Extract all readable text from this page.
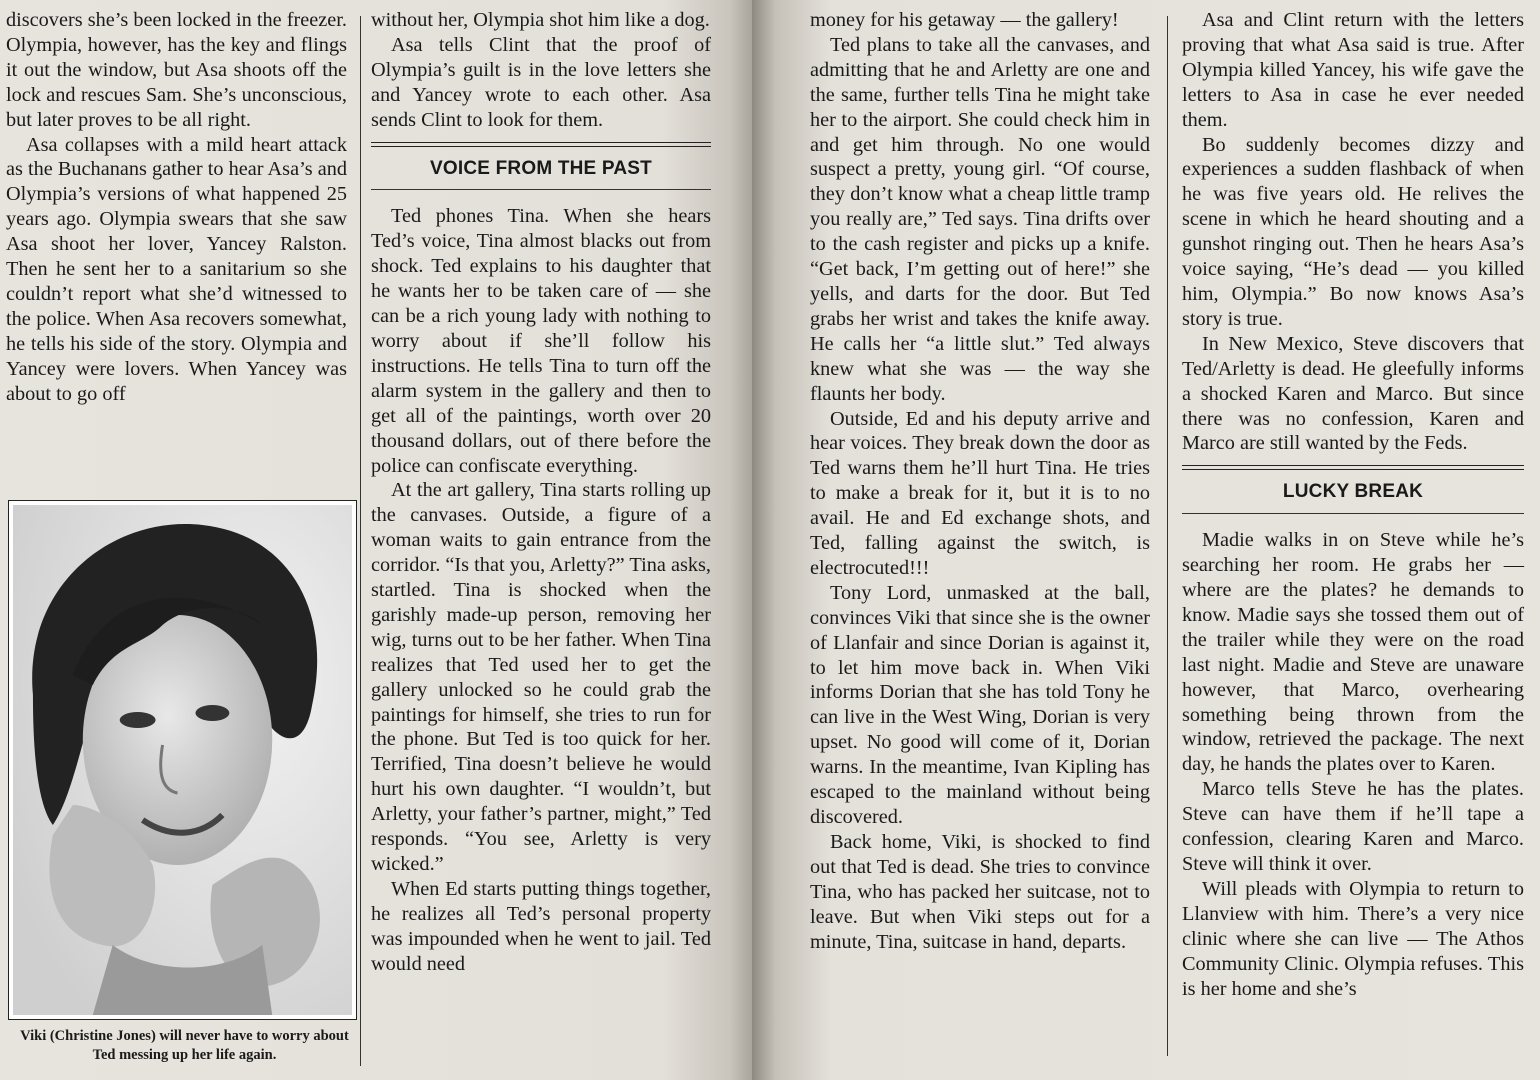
discovers she’s been locked in the freezer. Olympia, however, has the key and flings it out the window, but Asa shoots off the lock and rescues Sam. She’s unconscious, but later proves to be all right.

Asa collapses with a mild heart attack as the Buchanans gather to hear Asa’s and Olympia’s versions of what happened 25 years ago. Olympia swears that she saw Asa shoot her lover, Yancey Ralston. Then he sent her to a sanitarium so she couldn’t report what she’d witnessed to the police. When Asa recovers somewhat, he tells his side of the story. Olympia and Yancey were lovers. When Yancey was about to go off

Viki (Christine Jones) will never have to worry about Ted messing up her life again.

without her, Olympia shot him like a dog.

Asa tells Clint that the proof of Olympia’s guilt is in the love letters she and Yancey wrote to each other. Asa sends Clint to look for them.

VOICE FROM THE PAST

Ted phones Tina. When she hears Ted’s voice, Tina almost blacks out from shock. Ted explains to his daughter that he wants her to be taken care of — she can be a rich young lady with nothing to worry about if she’ll follow his instructions. He tells Tina to turn off the alarm system in the gallery and then to get all of the paintings, worth over 20 thousand dollars, out of there before the police can confiscate everything.

At the art gallery, Tina starts rolling up the canvases. Outside, a figure of a woman waits to gain entrance from the corridor. “Is that you, Arletty?” Tina asks, startled. Tina is shocked when the garishly made-up person, removing her wig, turns out to be her father. When Tina realizes that Ted used her to get the gallery unlocked so he could grab the paintings for himself, she tries to run for the phone. But Ted is too quick for her. Terrified, Tina doesn’t believe he would hurt his own daughter. “I wouldn’t, but Arletty, your father’s partner, might,” Ted responds. “You see, Arletty is very wicked.”

When Ed starts putting things together, he realizes all Ted’s personal property was impounded when he went to jail. Ted would need

money for his getaway — the gallery!

Ted plans to take all the canvases, and admitting that he and Arletty are one and the same, further tells Tina he might take her to the airport. She could check him in and get him through. No one would suspect a pretty, young girl. “Of course, they don’t know what a cheap little tramp you really are,” Ted says. Tina drifts over to the cash register and picks up a knife. “Get back, I’m getting out of here!” she yells, and darts for the door. But Ted grabs her wrist and takes the knife away. He calls her “a little slut.” Ted always knew what she was — the way she flaunts her body.

Outside, Ed and his deputy arrive and hear voices. They break down the door as Ted warns them he’ll hurt Tina. He tries to make a break for it, but it is to no avail. He and Ed exchange shots, and Ted, falling against the switch, is electrocuted!!!

Tony Lord, unmasked at the ball, convinces Viki that since she is the owner of Llanfair and since Dorian is against it, to let him move back in. When Viki informs Dorian that she has told Tony he can live in the West Wing, Dorian is very upset. No good will come of it, Dorian warns. In the meantime, Ivan Kipling has escaped to the mainland without being discovered.

Back home, Viki, is shocked to find out that Ted is dead. She tries to convince Tina, who has packed her suitcase, not to leave. But when Viki steps out for a minute, Tina, suitcase in hand, departs.

Asa and Clint return with the letters proving that what Asa said is true. After Olympia killed Yancey, his wife gave the letters to Asa in case he ever needed them.

Bo suddenly becomes dizzy and experiences a sudden flashback of when he was five years old. He relives the scene in which he heard shouting and a gunshot ringing out. Then he hears Asa’s voice saying, “He’s dead — you killed him, Olympia.” Bo now knows Asa’s story is true.

In New Mexico, Steve discovers that Ted/Arletty is dead. He gleefully informs a shocked Karen and Marco. But since there was no confession, Karen and Marco are still wanted by the Feds.

LUCKY BREAK

Madie walks in on Steve while he’s searching her room. He grabs her — where are the plates? he demands to know. Madie says she tossed them out of the trailer while they were on the road last night. Madie and Steve are unaware however, that Marco, overhearing something being thrown from the window, retrieved the package. The next day, he hands the plates over to Karen.

Marco tells Steve he has the plates. Steve can have them if he’ll tape a confession, clearing Karen and Marco. Steve will think it over.

Will pleads with Olympia to return to Llanview with him. There’s a very nice clinic where she can live — The Athos Community Clinic. Olympia refuses. This is her home and she’s
